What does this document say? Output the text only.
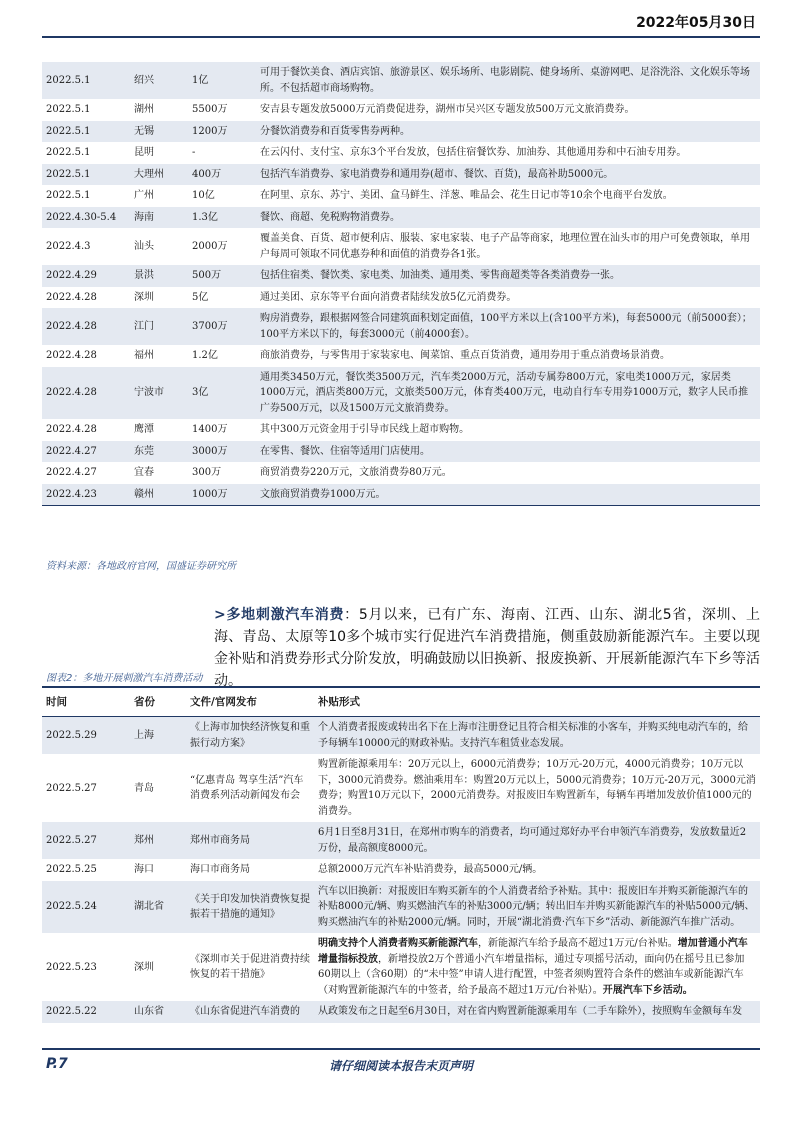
2022年05月30日
2022.5.1	绍兴	1亿	可用于餐饮美食、酒店宾馆、旅游景区、娱乐场所、电影剧院、健身场所、桌游网吧、足浴洗浴、文化娱乐等场所。不包括超市商场购物。
2022.5.1	湖州	5500万	安吉县专题发放5000万元消费促进券，湖州市吴兴区专题发放500万元文旅消费券。
2022.5.1	无锡	1200万	分餐饮消费券和百货零售券两种。
2022.5.1	昆明	-	在云闪付、支付宝、京东3个平台发放，包括住宿餐饮券、加油券、其他通用券和中石油专用券。
2022.5.1	大理州	400万	包括汽车消费券、家电消费券和通用券(超市、餐饮、百货)，最高补助5000元。
2022.5.1	广州	10亿	在阿里、京东、苏宁、美团、盒马鲜生、洋葱、唯品会、花生日记市等10余个电商平台发放。
2022.4.30-5.4	海南	1.3亿	餐饮、商超、免税购物消费券。
2022.4.3	汕头	2000万	覆盖美食、百货、超市便利店、服装、家电家装、电子产品等商家，地理位置在汕头市的用户可免费领取，单用户每周可领取不同优惠券种和面值的消费券各1张。
2022.4.29	景洪	500万	包括住宿类、餐饮类、家电类、加油类、通用类、零售商超类等各类消费券一张。
2022.4.28	深圳	5亿	通过美团、京东等平台面向消费者陆续发放5亿元消费券。
2022.4.28	江门	3700万	购房消费券，跟根据网签合同建筑面积划定面值，100平方米以上(含100平方米)，每套5000元（前5000套）；100平方米以下的，每套3000元（前4000套）。
2022.4.28	福州	1.2亿	商旅消费券，与零售用于家装家电、闽菜馆、重点百货消费，通用券用于重点消费场景消费。
2022.4.28	宁波市	3亿	通用类3450万元，餐饮类3500万元，汽车类2000万元，活动专属券800万元，家电类1000万元，家居类1000万元，酒店类800万元，文旅类500万元，体育类400万元，电动自行车专用券1000万元，数字人民币推广券500万元，以及1500万元文旅消费券。
2022.4.28	鹰潭	1400万	其中300万元资金用于引导市民线上超市购物。
2022.4.27	东莞	3000万	在零售、餐饮、住宿等适用门店使用。
2022.4.27	宜春	300万	商贸消费券220万元，文旅消费券80万元。
2022.4.23	赣州	1000万	文旅商贸消费券1000万元。
资料来源：各地政府官网，国盛证券研究所
>多地刺激汽车消费：5月以来，已有广东、海南、江西、山东、湖北5省，深圳、上海、青岛、太原等10多个城市实行促进汽车消费措施，侧重鼓励新能源汽车。主要以现金补贴和消费券形式分阶发放，明确鼓励以旧换新、报废换新、开展新能源汽车下乡等活动。
图表2：多地开展刺激汽车消费活动
时间	省份	文件/官网发布	补贴形式
2022.5.29	上海	《上海市加快经济恢复和重振行动方案》	个人消费者报废或转出名下在上海市注册登记且符合相关标准的小客车，并购买纯电动汽车的，给予每辆车10000元的财政补贴。支持汽车租赁业态发展。
2022.5.27	青岛	“亿惠青岛 驾享生活”汽车消费系列活动新闻发布会	购置新能源乘用车：20万元以上，6000元消费券；10万元-20万元，4000元消费券；10万元以下，3000元消费券。燃油乘用车：购置20万元以上，5000元消费券；10万元-20万元，3000元消费券；购置10万元以下，2000元消费券。对报废旧车购置新车，每辆车再增加发放价值1000元的消费券。
2022.5.27	郑州	郑州市商务局	6月1日至8月31日，在郑州市购车的消费者，均可通过郑好办平台申领汽车消费券，发放数量近2万份，最高额度8000元。
2022.5.25	海口	海口市商务局	总额2000万元汽车补贴消费券，最高5000元/辆。
2022.5.24	湖北省	《关于印发加快消费恢复提振若干措施的通知》	汽车以旧换新：对报废旧车购买新车的个人消费者给予补贴。其中：报废旧车并购买新能源汽车的补贴8000元/辆、购买燃油汽车的补贴3000元/辆；转出旧车并购买新能源汽车的补贴5000元/辆、购买燃油汽车的补贴2000元/辆。同时，开展“湖北消费·汽车下乡”活动、新能源汽车推广活动。
2022.5.23	深圳	《深圳市关于促进消费持续恢复的若干措施》	明确支持个人消费者购买新能源汽车，新能源汽车给予最高不超过1万元/台补贴。增加普通小汽车增量指标投放，新增投放2万个普通小汽车增量指标，通过专项摇号活动，面向仍在摇号且已参加60期以上（含60期）的“未中签”申请人进行配置，中签者须购置符合条件的燃油车或新能源汽车（对购置新能源汽车的中签者，给予最高不超过1万元/台补贴）。开展汽车下乡活动。
2022.5.22	山东省	《山东省促进汽车消费的	从政策发布之日起至6月30日，对在省内购置新能源乘用车（二手车除外），按照购车金额每车发
P.7	请仔细阅读本报告末页声明
